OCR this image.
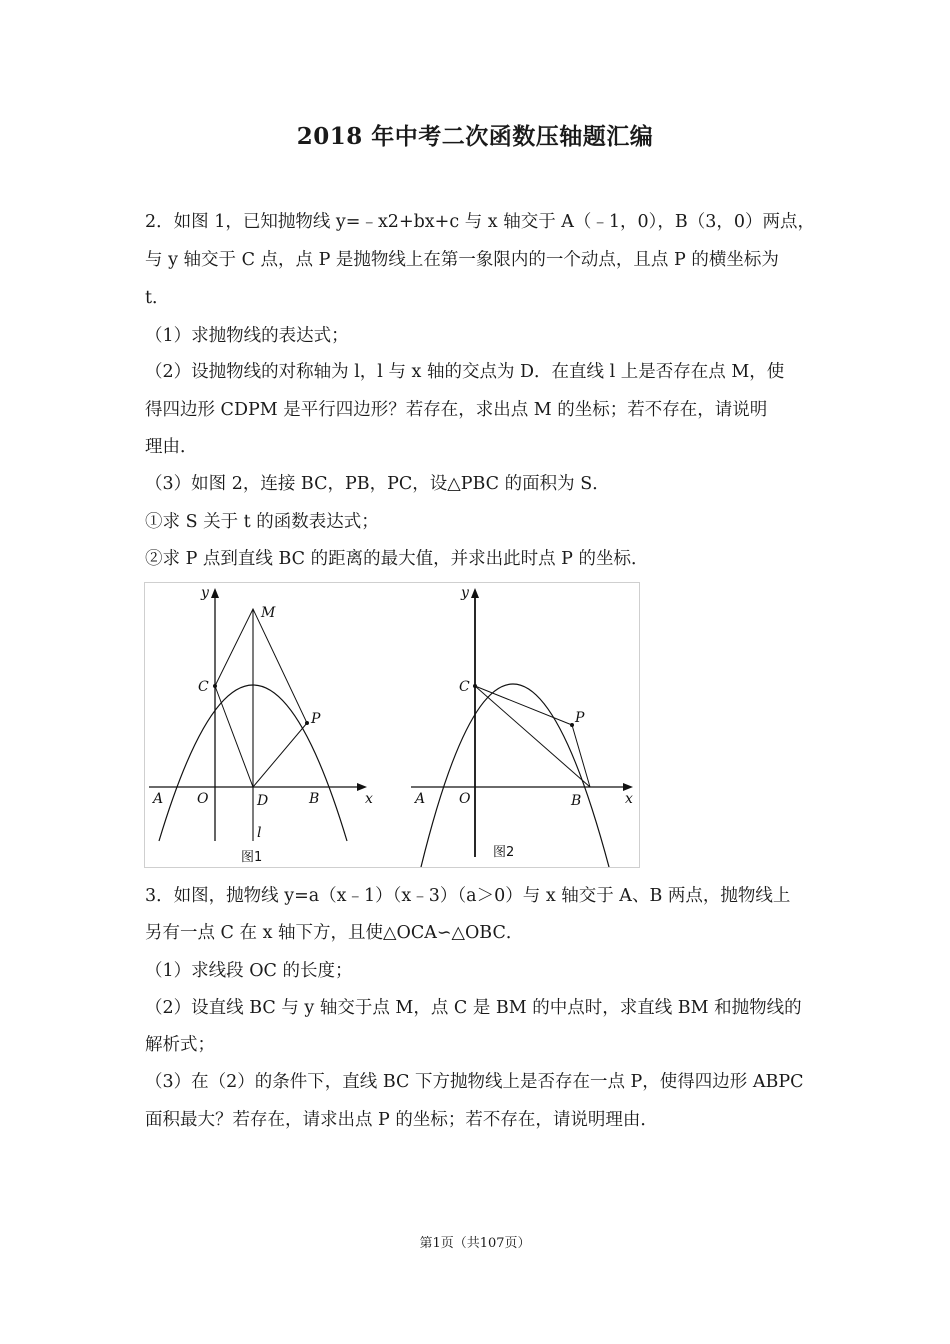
2018 年中考二次函数压轴题汇编
2．如图 1，已知抛物线 y=﹣x2+bx+c 与 x 轴交于 A（﹣1，0），B（3，0）两点，
与 y 轴交于 C 点，点 P 是抛物线上在第一象限内的一个动点，且点 P 的横坐标为
t．
（1）求抛物线的表达式；
（2）设抛物线的对称轴为 l，l 与 x 轴的交点为 D．在直线 l 上是否存在点 M，使
得四边形 CDPM 是平行四边形？若存在，求出点 M 的坐标；若不存在，请说明
理由．
（3）如图 2，连接 BC，PB，PC，设△PBC 的面积为 S．
①求 S 关于 t 的函数表达式；
②求 P 点到直线 BC 的距离的最大值，并求出此时点 P 的坐标．
y
x
M
C
P
A O	D	B
l
图1
y
x
C
P
A O	B
图2
3．如图，抛物线 y=a（x﹣1）（x﹣3）（a＞0）与 x 轴交于 A、B 两点，抛物线上
另有一点 C 在 x 轴下方，且使△OCA∽△OBC．
（1）求线段 OC 的长度；
（2）设直线 BC 与 y 轴交于点 M，点 C 是 BM 的中点时，求直线 BM 和抛物线的
解析式；
（3）在（2）的条件下，直线 BC 下方抛物线上是否存在一点 P，使得四边形 ABPC
面积最大？若存在，请求出点 P 的坐标；若不存在，请说明理由．
第1页（共107页）
